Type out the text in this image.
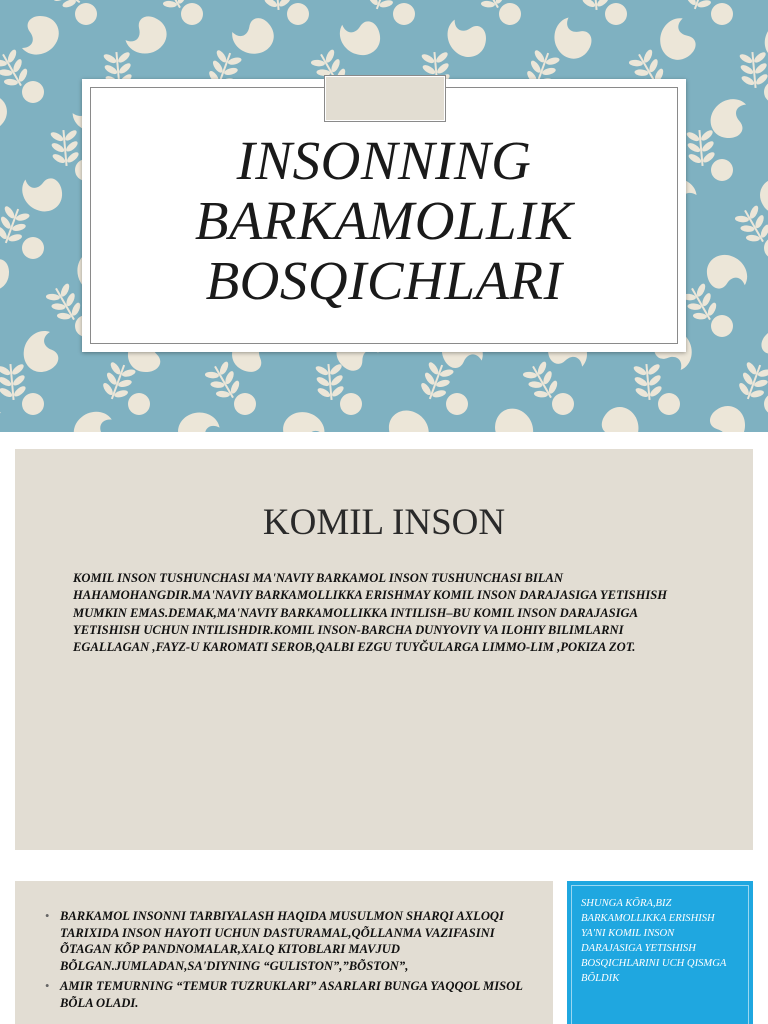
INSONNING
BARKAMOLLIK
BOSQICHLARI
KOMIL INSON
KOMIL INSON TUSHUNCHASI MA'NAVIY BARKAMOL INSON TUSHUNCHASI BILAN HAHAMOHANGDIR.MA'NAVIY BARKAMOLLIKKA ERISHMAY KOMIL INSON DARAJASIGA YETISHISH MUMKIN EMAS.DEMAK,MA'NAVIY BARKAMOLLIKKA INTILISH–BU KOMIL INSON DARAJASIGA YETISHISH UCHUN INTILISHDIR.KOMIL INSON-BARCHA DUNYOVIY VA ILOHIY BILIMLARNI EGALLAGAN ,FAYZ-U KAROMATI SEROB,QALBI EZGU TUYĞULARGA LIMMO-LIM ,POKIZA ZOT.
• BARKAMOL INSONNI TARBIYALASH HAQIDA MUSULMON SHARQI AXLOQI TARIXIDA INSON HAYOTI UCHUN DASTURAMAL,QÕLLANMA VAZIFASINI ÕTAGAN KÕP PANDNOMALAR,XALQ KITOBLARI MAVJUD BÕLGAN.JUMLADAN,SA'DIYNING “GULISTON”,”BÕSTON”,
• AMIR TEMURNING “TEMUR TUZRUKLARI” ASARLARI BUNGA YAQQOL MISOL BÕLA OLADI.
SHUNGA KÕRA,BIZ BARKAMOLLIKKA ERISHISH YA'NI KOMIL INSON DARAJASIGA YETISHISH BOSQICHLARINI UCH QISMGA BÕLDIK
